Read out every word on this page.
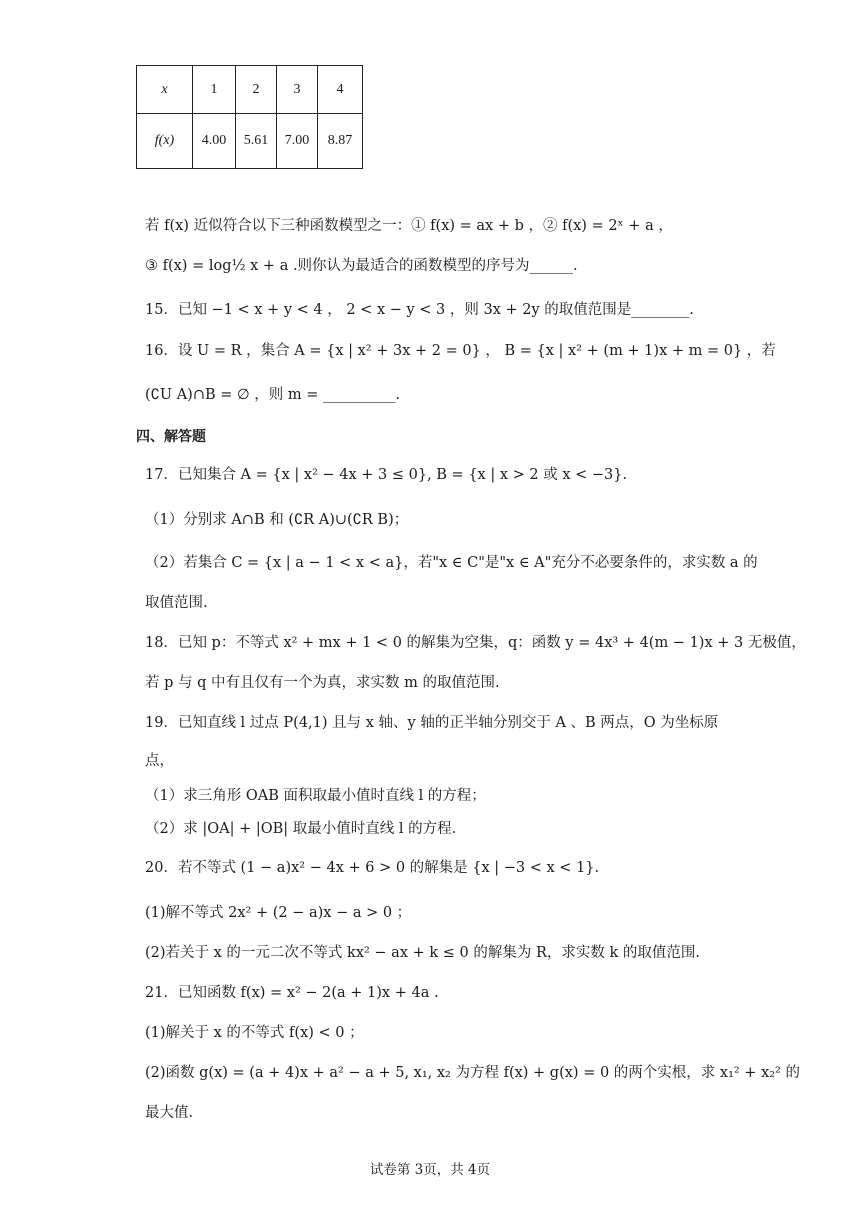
x	1	2	3	4
f(x)	4.00	5.61	7.00	8.87
若 f(x) 近似符合以下三种函数模型之一：① f(x) = ax + b ，② f(x) = 2ˣ + a ，
③ f(x) = log½ x + a .则你认为最适合的函数模型的序号为______.
15．已知 −1 < x + y < 4 ， 2 < x − y < 3 ，则 3x + 2y 的取值范围是________.
16．设 U = R ，集合 A = {x | x² + 3x + 2 = 0} ， B = {x | x² + (m + 1)x + m = 0} ，若
(∁U A)∩B = ∅ ，则 m = __________.
四、解答题
17．已知集合 A = {x | x² − 4x + 3 ≤ 0}, B = {x | x > 2 或 x < −3}.
（1）分别求 A∩B 和 (∁R A)∪(∁R B)；
（2）若集合 C = {x | a − 1 < x < a}，若"x ∈ C"是"x ∈ A"充分不必要条件的，求实数 a 的
取值范围.
18．已知 p：不等式 x² + mx + 1 < 0 的解集为空集，q：函数 y = 4x³ + 4(m − 1)x + 3 无极值，
若 p 与 q 中有且仅有一个为真，求实数 m 的取值范围.
19．已知直线 l 过点 P(4,1) 且与 x 轴、y 轴的正半轴分别交于 A 、B 两点，O 为坐标原
点，
（1）求三角形 OAB 面积取最小值时直线 l 的方程；
（2）求 |OA| + |OB| 取最小值时直线 l 的方程.
20．若不等式 (1 − a)x² − 4x + 6 > 0 的解集是 {x | −3 < x < 1}.
(1)解不等式 2x² + (2 − a)x − a > 0 ；
(2)若关于 x 的一元二次不等式 kx² − ax + k ≤ 0 的解集为 R，求实数 k 的取值范围.
21．已知函数 f(x) = x² − 2(a + 1)x + 4a .
(1)解关于 x 的不等式 f(x) < 0 ；
(2)函数 g(x) = (a + 4)x + a² − a + 5, x₁, x₂ 为方程 f(x) + g(x) = 0 的两个实根，求 x₁² + x₂² 的
最大值.
试卷第 3页，共 4页
